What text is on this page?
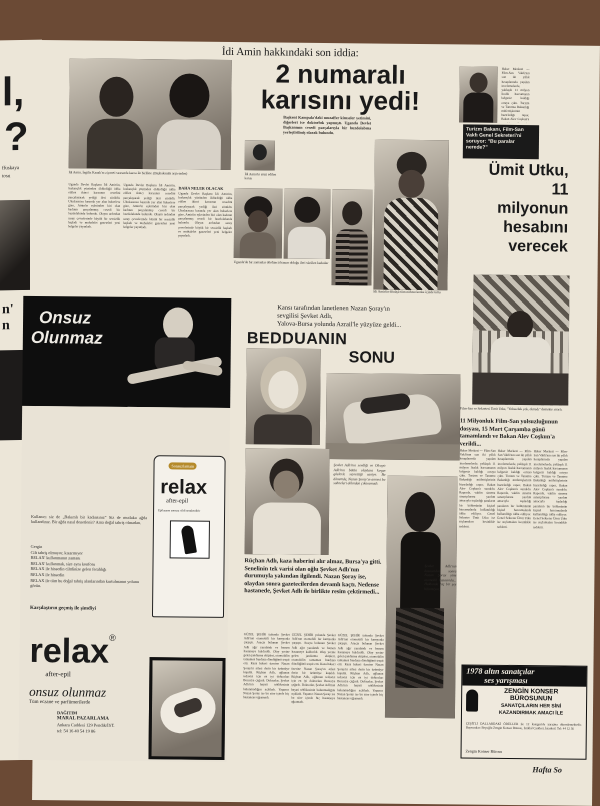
l,
?
ffuskaya
tosu
n'
n
İdi Amin hakkındaki son iddia:
İdi Amin, İngiliz Kanalı'nı ziyareti sırasında karısı ile birlikte. (Başbakanlık arşivinden)
2 numaralı
karısını yedi!
İdi Amin'in sözü edilen karısı
Başkent Kampala'daki muzaffer kimseler yetimini, diğerleri ise doktorluk yapmıştı. Uganda Devlet Başkanının cesedi parçalarıyla bir buzdolabına yerleştirilmiş olarak bulundu.
Uganda Devlet Başkanı İdi Amin'in, kıskançlık yüzünden öldürdüğü iddia edilen ikinci karısının cesedini parçalayarak yediği ileri sürüldü. Uluslararası basında yer alan haberlere göre, Amin'in eşlerinden biri olan kadının parçalanmış cesedi bir buzdolabında bulundu. Olayın ardından saray çevrelerinde büyük bir sessizlik başladı ve muhalefet gazeteleri yeni belgeler yayınladı.
Uganda Devlet Başkanı İdi Amin'in, kıskançlık yüzünden öldürdüğü iddia edilen ikinci karısının cesedini parçalayarak yediği ileri sürüldü. Uluslararası basında yer alan haberlere göre, Amin'in eşlerinden biri olan kadının parçalanmış cesedi bir buzdolabında bulundu. Olayın ardından saray çevrelerinde büyük bir sessizlik başladı ve muhalefet gazeteleri yeni belgeler yayınladı.
DAHA NELER OLACAK
Uganda Devlet Başkanı İdi Amin'in, kıskançlık yüzünden öldürdüğü iddia edilen ikinci karısının cesedini parçalayarak yediği ileri sürüldü. Uluslararası basında yer alan haberlere göre, Amin'in eşlerinden biri olan kadının parçalanmış cesedi bir buzdolabında bulundu. Olayın ardından saray çevrelerinde büyük bir sessizlik başladı ve muhalefet gazeteleri yeni belgeler yayınladı.
Uganda'da bir zamanlar dördüncü hanım olduğu ileri sürülen kadınlar
İdi Amin'in dönüşü tüm nüfusu korku içinde tuttu
Haber Merkezi — Film-San Vakfı'nın son iki yıllık hesaplarında yapılan incelemelerde, yaklaşık 11 milyon liralık harcamanın belgesiz kaldığı ortaya çıktı. Turizm ve Tanıtma Bakanlığı müfettişlerinin hazırladığı rapor, Bakan Alev Coşkun'a
Turizm Bakanı, Film-San Vakfı Genel Sekreteri'ni soruyor: "Bu paralar nerede?"
Ümit Utku,
11
milyonun
hesabını
verecek
Film-San ve Sekreteri Ümit Utku, "Yolsuzluk yok, olmadı" demekte ısrarlı.
11 Milyonluk Film-San yolsuzluğunun dosyası, 15 Mart Çarşamba günü tamamlandı ve Bakan Alev Coşkun'a verildi...
Haber Merkezi — Film-San Vakfı'nın son iki yıllık hesaplarında yapılan incelemelerde, yaklaşık 11 milyon liralık harcamanın belgesiz kaldığı ortaya çıktı. Turizm ve Tanıtma Bakanlığı müfettişlerinin hazırladığı rapor, Bakan Alev Coşkun'a sunuldu. Raporda, vakfın sinema sanatçılarına yardım amacıyla topladığı paraların bir bölümünün kişisel harcamalarda kullanıldığı iddia ediliyor. Genel Sekreter Ümit Utku ise suçlamaları kesinlikle reddetti.
Haber Merkezi — Film-San Vakfı'nın son iki yıllık hesaplarında yapılan incelemelerde, yaklaşık 11 milyon liralık harcamanın belgesiz kaldığı ortaya çıktı. Turizm ve Tanıtma Bakanlığı müfettişlerinin hazırladığı rapor, Bakan Alev Coşkun'a sunuldu. Raporda, vakfın sinema sanatçılarına yardım amacıyla topladığı paraların bir bölümünün kişisel harcamalarda kullanıldığı iddia ediliyor. Genel Sekreter Ümit Utku ise suçlamaları kesinlikle reddetti.
Haber Merkezi — Film-San Vakfı'nın son iki yıllık hesaplarında yapılan incelemelerde, yaklaşık 11 milyon liralık harcamanın belgesiz kaldığı ortaya çıktı. Turizm ve Tanıtma Bakanlığı müfettişlerinin hazırladığı rapor, Bakan Alev Coşkun'a sunuldu. Raporda, vakfın sinema sanatçılarına yardım amacıyla topladığı paraların bir bölümünün kişisel harcamalarda kullanıldığı iddia ediliyor. Genel Sekreter Ümit Utku ise suçlamaları kesinlikle reddetti.
Onsuz
Olunmaz
Kullanıcı siz de „Bakımlı bir kadınsınız" Siz de mutlaka ağda kullandınız. Bir ağda nasıl denetlenir? Ama doğal tahriş olmadan.
Gergin
Cilt tahriş olmuyor, kızarmıyor
RELAX' kullanmanın zamanı
RELAX' kullanmak, size aynı konforu
RELAX ile hissedin ciltdinize gelen ferahlığı
RELAX ile hissedin
RELAX ile tüm bu doğal tahriş alanlarından kurtulmanın yolunu görün.
Karşılaştırın geçmiş ile şimdiyi
Sonsuzlamam
relax
after-epil
Epilasyon sonrası cildi nemlendirir
relax®
after-epil
onsuz olunmaz
Tüm eczane ve parfümerilerde
DAĞITIM
MARAL PAZARLAMA
Ankara Caddesi 129 Pendik/İST.
tel: 54 16 40 54 19 86
Kansı tarafından lanetlenen Nazan Şoray'ın
sevgilisi Şevket Adlı,
Yalova-Bursa yolunda Azrail'le yüzyüze geldi...
BEDDUANIN
SONU
Şevket Adlı'nın sevdiği ve Olcaytı Adlı'nın bütün olaylara kırgın gözlerle seyrettiği saniye. Bu dönemde, Nazan Şoray'ın annesi bu sahneleri aklından çıkaramadı.
Şevket Adlı'nın kazasından sonra Nazan Şoray yine otomobil kazasında... Hakkında hiç bir şey bilinmiyor.
Rüçhan Adlı, kaza haberini alır almaz, Bursa'ya gitti. Senelinin tek varisi olan oğlu Şevket Adlı'nın durumuyla yakından ilgilendi. Nazan Şoray ise, olaydan sonra gazetecilerden devamlı kaçtı. Nedense hastanede, Şevket Adlı ile birlikte resim çektirmedi...
GÜZEL ŞEHİR yolunda Şevket Adlı'nın otomobili bir kamyonla çarpıştı. Araçta bulunan Şevket Adlı ağır yaralandı ve hemen hastaneye kaldırıldı. Olay yerine gelen jandarma ekipleri, otomobilin tamamen hurdaya döndüğünü tespit etti. Kaza haberi üzerine Nazan Şoray'ın ailesi derin bir üzüntüye kapıldı. Rüçhan Adlı, oğlunun tedavisi için en iyi doktorları Bursa'ya çağırdı. Doktorlar, Şevket Adlı'nın hayati tehlikesinin bulunmadığını açıkladı. Yapımcı Nazan Şoray ise bu süre içinde hiç hastaneye uğramadı.
GÜZEL ŞEHİR yolunda Şevket Adlı'nın otomobili bir kamyonla çarpıştı. Araçta bulunan Şevket Adlı ağır yaralandı ve hemen hastaneye kaldırıldı. Olay yerine gelen jandarma ekipleri, otomobilin tamamen hurdaya döndüğünü tespit etti. Kaza haberi üzerine Nazan Şoray'ın ailesi derin bir üzüntüye kapıldı. Rüçhan Adlı, oğlunun tedavisi için en iyi doktorları Bursa'ya çağırdı. Doktorlar, Şevket Adlı'nın hayati tehlikesinin bulunmadığını açıkladı. Yapımcı Nazan Şoray ise bu süre içinde hiç hastaneye uğramadı.
GÜZEL ŞEHİR yolunda Şevket Adlı'nın otomobili bir kamyonla çarpıştı. Araçta bulunan Şevket Adlı ağır yaralandı ve hemen hastaneye kaldırıldı. Olay yerine gelen jandarma ekipleri, otomobilin tamamen hurdaya döndüğünü tespit etti. Kaza haberi üzerine Nazan Şoray'ın ailesi derin bir üzüntüye kapıldı. Rüçhan Adlı, oğlunun tedavisi için en iyi doktorları Bursa'ya çağırdı. Doktorlar, Şevket Adlı'nın hayati tehlikesinin bulunmadığını açıkladı. Yapımcı Nazan Şoray ise bu süre içinde hiç hastaneye uğramadı.
1978 altın sanatçılar
ses yarışması
ZENGİN KONSER
BÜROSUNUN
SANATÇILARIN HER SİNİ
KAZANDIRMAK AMACI İLE
ÇEŞİTLİ DALLARDAKİ ÖDÜLLER ile 12 kategoride yarışma düzenlemektedir. Başvurular: Beyoğlu Zengin Konser Bürosu, İstiklal Caddesi, İstanbul. Tel: 44 12 36
Zengin Konser Bürosu
Hafta So
